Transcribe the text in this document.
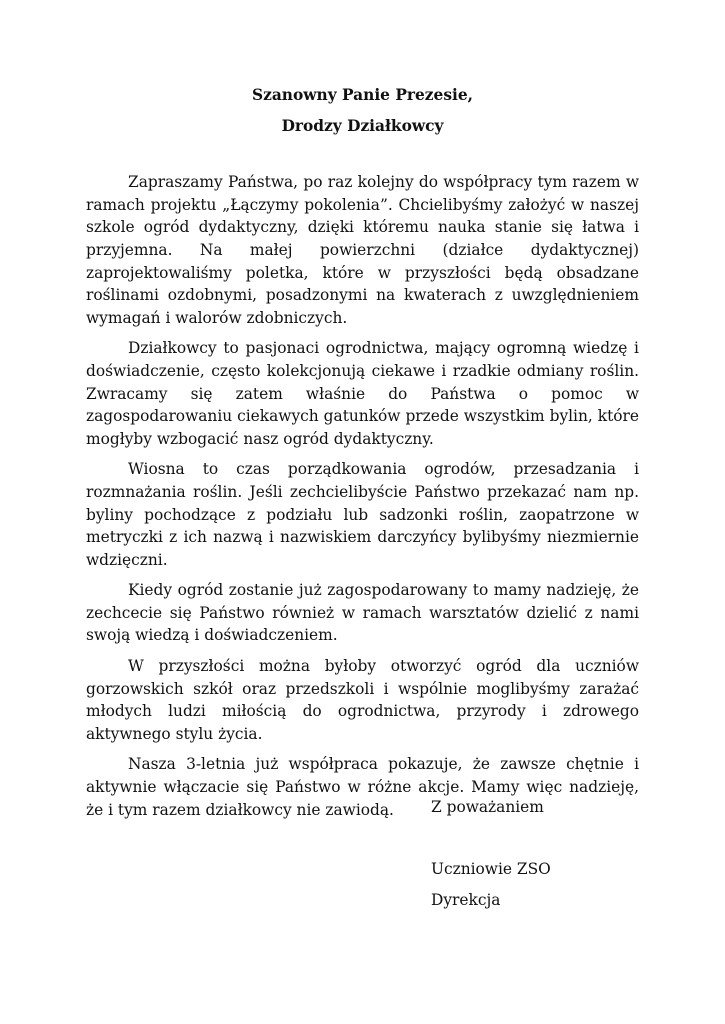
Szanowny Panie Prezesie,

Drodzy Działkowcy

Zapraszamy Państwa, po raz kolejny do współpracy tym razem w ramach projektu „Łączymy pokolenia”. Chcielibyśmy założyć w naszej szkole ogród dydaktyczny, dzięki któremu nauka stanie się łatwa i przyjemna. Na małej powierzchni (działce dydaktycznej) zaprojektowaliśmy poletka, które w przyszłości będą obsadzane roślinami ozdobnymi, posadzonymi na kwaterach z uwzględnieniem wymagań i walorów zdobniczych.

Działkowcy to pasjonaci ogrodnictwa, mający ogromną wiedzę i doświadczenie, często kolekcjonują ciekawe i rzadkie odmiany roślin. Zwracamy się zatem właśnie do Państwa o pomoc w zagospodarowaniu ciekawych gatunków przede wszystkim bylin, które mogłyby wzbogacić nasz ogród dydaktyczny.

Wiosna to czas porządkowania ogrodów, przesadzania i rozmnażania roślin. Jeśli zechcielibyście Państwo przekazać nam np. byliny pochodzące z podziału lub sadzonki roślin, zaopatrzone w metryczki z ich nazwą i nazwiskiem darczyńcy bylibyśmy niezmiernie wdzięczni.

Kiedy ogród zostanie już zagospodarowany to mamy nadzieję, że zechcecie się Państwo również w ramach warsztatów dzielić z nami swoją wiedzą i doświadczeniem.

W przyszłości można byłoby otworzyć ogród dla uczniów gorzowskich szkół oraz przedszkoli i wspólnie moglibyśmy zarażać młodych ludzi miłością do ogrodnictwa, przyrody i zdrowego aktywnego stylu życia.

Nasza 3-letnia już współpraca pokazuje, że zawsze chętnie i aktywnie włączacie się Państwo w różne akcje. Mamy więc nadzieję, że i tym razem działkowcy nie zawiodą.	Z poważaniem

Uczniowie ZSO

Dyrekcja
